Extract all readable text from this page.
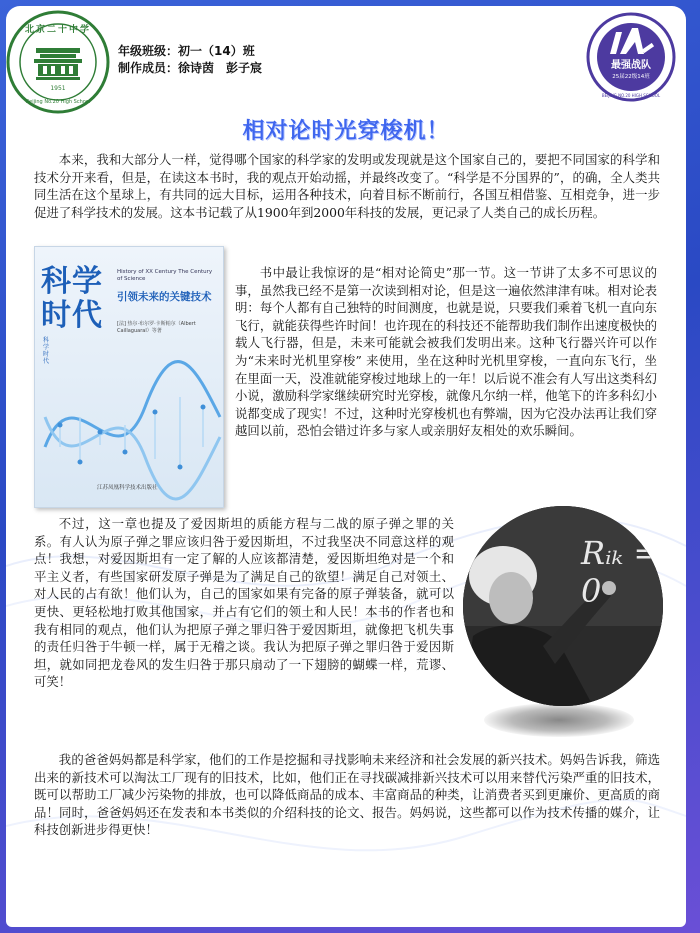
北京二十中学
1951
Beijing No.20 High School
年级班级：初一（14）班
制作成员：徐诗茵　彭子宸	最强战队
25届22级14班
BEIJING NO.20 HIGH SCHOOL
相对论时光穿梭机！

本来，我和大部分人一样，觉得哪个国家的科学家的发明或发现就是这个国家自己的，要把不同国家的科学和技术分开来看，但是，在读这本书时，我的观点开始动摇，并最终改变了。“科学是不分国界的”，的确，全人类共同生活在这个星球上，有共同的远大目标，运用各种技术，向着目标不断前行，各国互相借鉴、互相竞争，进一步促进了科学技术的发展。这本书记载了从1900年到2000年科技的发展，更记录了人类自己的成长历程。

科学时代
History of XX Century The Century of Science
引领未来的关键技术
[法] 热尔·布尔罗·卡斯帕尔（Albert Caillaguaral）等著
科学时代
江苏凤凰科学技术出版社

书中最让我惊讶的是“相对论简史”那一节。这一节讲了太多不可思议的事，虽然我已经不是第一次读到相对论，但是这一遍依然津津有味。相对论表明：每个人都有自己独特的时间测度，也就是说，只要我们乘着飞机一直向东飞行，就能获得些许时间！也许现在的科技还不能帮助我们制作出速度极快的载人飞行器，但是，未来可能就会被我们发明出来。这种飞行器兴许可以作为“未来时光机里穿梭” 来使用，坐在这种时光机里穿梭，一直向东飞行，坐在里面一天，没准就能穿梭过地球上的一年！以后说不准会有人写出这类科幻小说，激励科学家继续研究时光穿梭，就像凡尔纳一样，他笔下的许多科幻小说都变成了现实！不过，这种时光穿梭机也有弊端，因为它没办法再让我们穿越回以前，恐怕会错过许多与家人或亲朋好友相处的欢乐瞬间。

不过，这一章也提及了爱因斯坦的质能方程与二战的原子弹之罪的关系。有人认为原子弹之罪应该归咎于爱因斯坦，不过我坚决不同意这样的观点！我想，对爱因斯坦有一定了解的人应该都清楚，爱因斯坦绝对是一个和平主义者，有些国家研发原子弹是为了满足自己的欲望！满足自己对领土、对人民的占有欲！他们认为，自己的国家如果有完备的原子弹装备，就可以更快、更轻松地打败其他国家，并占有它们的领土和人民！本书的作者也和我有相同的观点，他们认为把原子弹之罪归咎于爱因斯坦，就像把飞机失事的责任归咎于牛顿一样，属于无稽之谈。我认为把原子弹之罪归咎于爱因斯坦，就如同把龙卷风的发生归咎于那只扇动了一下翅膀的蝴蝶一样，荒谬、可笑！

Rᵢₖ = 0

我的爸爸妈妈都是科学家，他们的工作是挖掘和寻找影响未来经济和社会发展的新兴技术。妈妈告诉我，筛选出来的新技术可以淘汰工厂现有的旧技术，比如，他们正在寻找碳减排新兴技术可以用来替代污染严重的旧技术，既可以帮助工厂减少污染物的排放，也可以降低商品的成本、丰富商品的种类，让消费者买到更廉价、更高质的商品！同时，爸爸妈妈还在发表和本书类似的介绍科技的论文、报告。妈妈说，这些都可以作为技术传播的媒介，让科技创新进步得更快！
